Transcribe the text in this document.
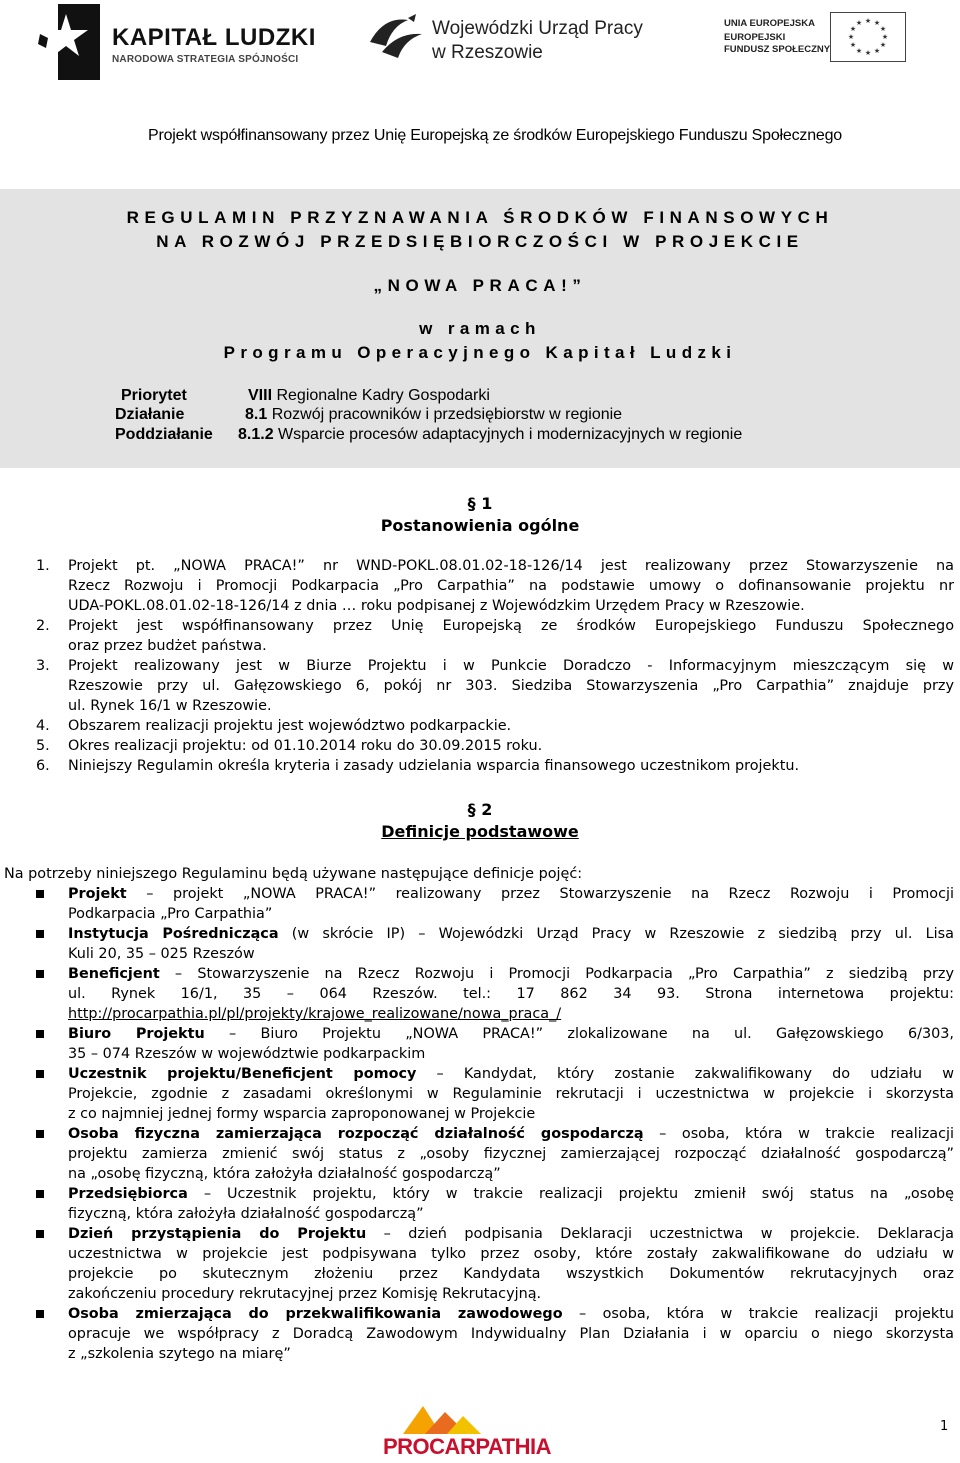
KAPITAŁ LUDZKI
NARODOWA STRATEGIA SPÓJNOŚCI
Wojewódzki Urząd Pracy
w Rzeszowie
UNIA EUROPEJSKA
EUROPEJSKI
FUNDUSZ SPOŁECZNY
★ ★
★
★
★
★
★
★
★
★
★
★
Projekt współfinansowany przez Unię Europejską ze środków Europejskiego Funduszu Społecznego
REGULAMIN PRZYZNAWANIA ŚRODKÓW FINANSOWYCH
NA ROZWÓJ PRZEDSIĘBIORCZOŚCI W PROJEKCIE
„NOWA PRACA!”
w ramach
Programu Operacyjnego Kapitał Ludzki
Priorytet	VIII Regionalne Kadry Gospodarki
Działanie	8.1 Rozwój pracowników i przedsiębiorstw w regionie
Poddziałanie 8.1.2 Wsparcie procesów adaptacyjnych i modernizacyjnych w regionie
§ 1
Postanowienia ogólne
1. Projekt pt. „NOWA PRACA!” nr WND-POKL.08.01.02-18-126/14 jest realizowany przez Stowarzyszenie na
Rzecz Rozwoju i Promocji Podkarpacia „Pro Carpathia” na podstawie umowy o dofinansowanie projektu nr
UDA-POKL.08.01.02-18-126/14 z dnia … roku podpisanej z Wojewódzkim Urzędem Pracy w Rzeszowie.
2. Projekt jest współfinansowany przez Unię Europejską ze środków Europejskiego Funduszu Społecznego
oraz przez budżet państwa.
3. Projekt realizowany jest w Biurze Projektu i w Punkcie Doradczo - Informacyjnym mieszczącym się w
Rzeszowie przy ul. Gałęzowskiego 6, pokój nr 303. Siedziba Stowarzyszenia „Pro Carpathia” znajduje przy
ul. Rynek 16/1 w Rzeszowie.
4. Obszarem realizacji projektu jest województwo podkarpackie.
5. Okres realizacji projektu: od 01.10.2014 roku do 30.09.2015 roku.
6. Niniejszy Regulamin określa kryteria i zasady udzielania wsparcia finansowego uczestnikom projektu.
§ 2
Definicje podstawowe
Na potrzeby niniejszego Regulaminu będą używane następujące definicje pojęć:
Projekt – projekt „NOWA PRACA!” realizowany przez Stowarzyszenie na Rzecz Rozwoju i Promocji
Podkarpacia „Pro Carpathia”
Instytucja Pośrednicząca (w skrócie IP) – Wojewódzki Urząd Pracy w Rzeszowie z siedzibą przy ul. Lisa
Kuli 20, 35 – 025 Rzeszów
Beneficjent – Stowarzyszenie na Rzecz Rozwoju i Promocji Podkarpacia „Pro Carpathia” z siedzibą przy
ul. Rynek 16/1, 35 – 064 Rzeszów. tel.: 17 862 34 93. Strona internetowa projektu:
http://procarpathia.pl/pl/projekty/krajowe_realizowane/nowa_praca_/
Biuro Projektu – Biuro Projektu „NOWA PRACA!” zlokalizowane na ul. Gałęzowskiego 6/303,
35 – 074 Rzeszów w województwie podkarpackim
Uczestnik projektu/Beneficjent pomocy – Kandydat, który zostanie zakwalifikowany do udziału w
Projekcie, zgodnie z zasadami określonymi w Regulaminie rekrutacji i uczestnictwa w projekcie i skorzysta
z co najmniej jednej formy wsparcia zaproponowanej w Projekcie
Osoba fizyczna zamierzająca rozpocząć działalność gospodarczą – osoba, która w trakcie realizacji
projektu zamierza zmienić swój status z „osoby fizycznej zamierzającej rozpocząć działalność gospodarczą”
na „osobę fizyczną, która założyła działalność gospodarczą”
Przedsiębiorca – Uczestnik projektu, który w trakcie realizacji projektu zmienił swój status na „osobę
fizyczną, która założyła działalność gospodarczą”
Dzień przystąpienia do Projektu – dzień podpisania Deklaracji uczestnictwa w projekcie. Deklaracja
uczestnictwa w projekcie jest podpisywana tylko przez osoby, które zostały zakwalifikowane do udziału w
projekcie po skutecznym złożeniu przez Kandydata wszystkich Dokumentów rekrutacyjnych oraz
zakończeniu procedury rekrutacyjnej przez Komisję Rekrutacyjną.
Osoba zmierzająca do przekwalifikowania zawodowego – osoba, która w trakcie realizacji projektu
opracuje we współpracy z Doradcą Zawodowym Indywidualny Plan Działania i w oparciu o niego skorzysta
z „szkolenia szytego na miarę”
PROCARPATHIA
1
